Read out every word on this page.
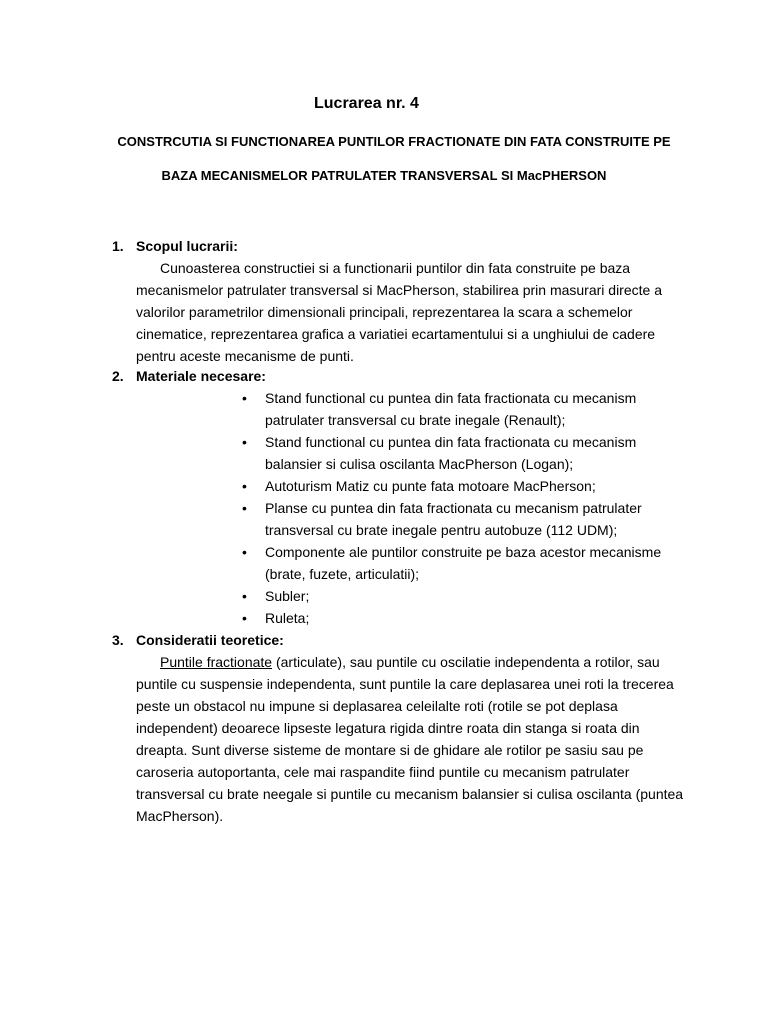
Lucrarea nr. 4
CONSTRCUTIA SI FUNCTIONAREA PUNTILOR FRACTIONATE DIN FATA CONSTRUITE PE
BAZA MECANISMELOR PATRULATER TRANSVERSAL SI MacPHERSON
1. Scopul lucrarii:
Cunoasterea constructiei si a functionarii puntilor din fata construite pe baza
mecanismelor patrulater transversal si MacPherson, stabilirea prin masurari directe a
valorilor parametrilor dimensionali principali, reprezentarea la scara a schemelor
cinematice, reprezentarea grafica a variatiei ecartamentului si a unghiului de cadere
pentru aceste mecanisme de punti.
2. Materiale necesare:
•	Stand functional cu puntea din fata fractionata cu mecanism
patrulater transversal cu brate inegale (Renault);
•	Stand functional cu puntea din fata fractionata cu mecanism
balansier si culisa oscilanta MacPherson (Logan);
•	Autoturism Matiz cu punte fata motoare MacPherson;
•	Planse cu puntea din fata fractionata cu mecanism patrulater
transversal cu brate inegale pentru autobuze (112 UDM);
•	Componente ale puntilor construite pe baza acestor mecanisme
(brate, fuzete, articulatii);
•	Subler;
•	Ruleta;
3. Consideratii teoretice:
Puntile fractionate (articulate), sau puntile cu oscilatie independenta a rotilor, sau
puntile cu suspensie independenta, sunt puntile la care deplasarea unei roti la trecerea
peste un obstacol nu impune si deplasarea celeilalte roti (rotile se pot deplasa
independent) deoarece lipseste legatura rigida dintre roata din stanga si roata din
dreapta. Sunt diverse sisteme de montare si de ghidare ale rotilor pe sasiu sau pe
caroseria autoportanta, cele mai raspandite fiind puntile cu mecanism patrulater
transversal cu brate neegale si puntile cu mecanism balansier si culisa oscilanta (puntea
MacPherson).
